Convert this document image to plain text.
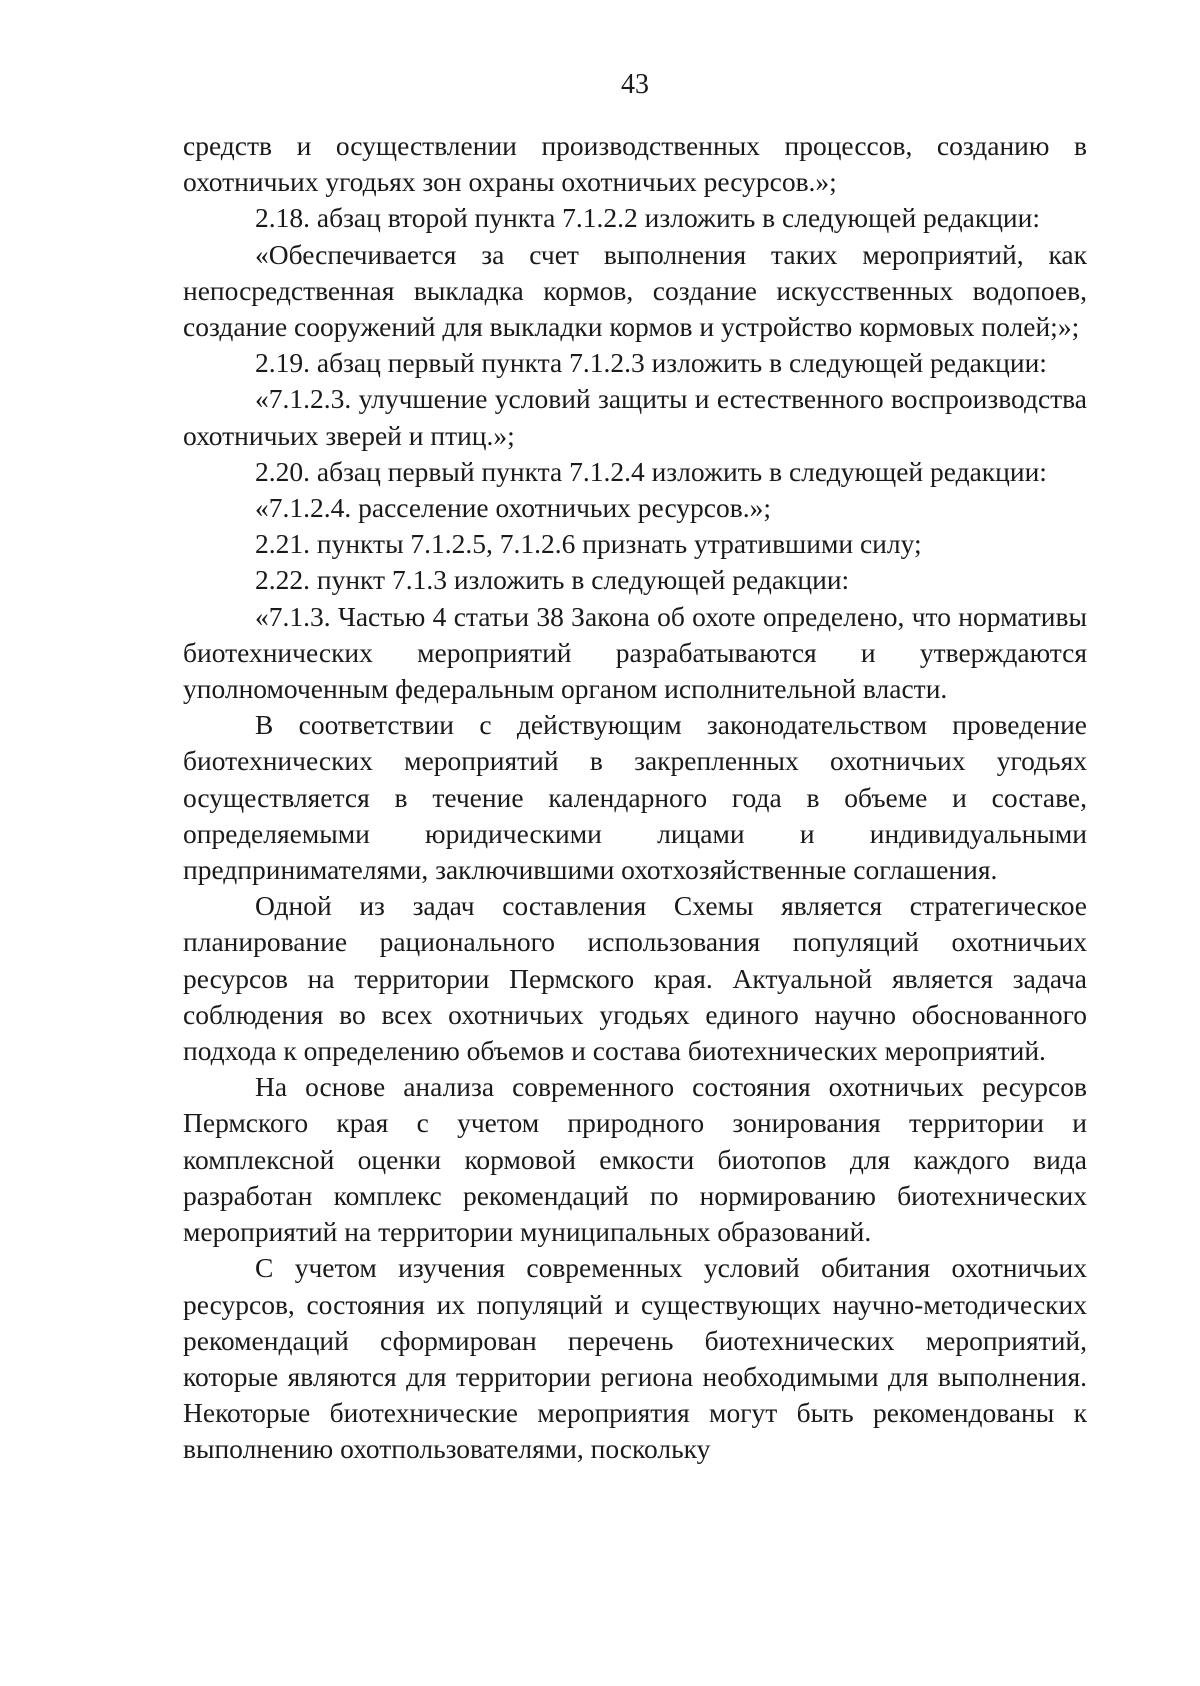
43

средств и осуществлении производственных процессов, созданию в охотничьих угодьях зон охраны охотничьих ресурсов.»;

2.18. абзац второй пункта 7.1.2.2 изложить в следующей редакции:

«Обеспечивается за счет выполнения таких мероприятий, как непосредственная выкладка кормов, создание искусственных водопоев, создание сооружений для выкладки кормов и устройство кормовых полей;»;

2.19. абзац первый пункта 7.1.2.3 изложить в следующей редакции:

«7.1.2.3. улучшение условий защиты и естественного воспроизводства охотничьих зверей и птиц.»;

2.20. абзац первый пункта 7.1.2.4 изложить в следующей редакции:

«7.1.2.4. расселение охотничьих ресурсов.»;

2.21. пункты 7.1.2.5, 7.1.2.6 признать утратившими силу;

2.22. пункт 7.1.3 изложить в следующей редакции:

«7.1.3. Частью 4 статьи 38 Закона об охоте определено, что нормативы биотехнических мероприятий разрабатываются и утверждаются уполномоченным федеральным органом исполнительной власти.

В соответствии с действующим законодательством проведение биотехнических мероприятий в закрепленных охотничьих угодьях осуществляется в течение календарного года в объеме и составе, определяемыми юридическими лицами и индивидуальными предпринимателями, заключившими охотхозяйственные соглашения.

Одной из задач составления Схемы является стратегическое планирование рационального использования популяций охотничьих ресурсов на территории Пермского края. Актуальной является задача соблюдения во всех охотничьих угодьях единого научно обоснованного подхода к определению объемов и состава биотехнических мероприятий.

На основе анализа современного состояния охотничьих ресурсов Пермского края с учетом природного зонирования территории и комплексной оценки кормовой емкости биотопов для каждого вида разработан комплекс рекомендаций по нормированию биотехнических мероприятий на территории муниципальных образований.

С учетом изучения современных условий обитания охотничьих ресурсов, состояния их популяций и существующих научно-методических рекомендаций сформирован перечень биотехнических мероприятий, которые являются для территории региона необходимыми для выполнения. Некоторые биотехнические мероприятия могут быть рекомендованы к выполнению охотпользователями, поскольку
